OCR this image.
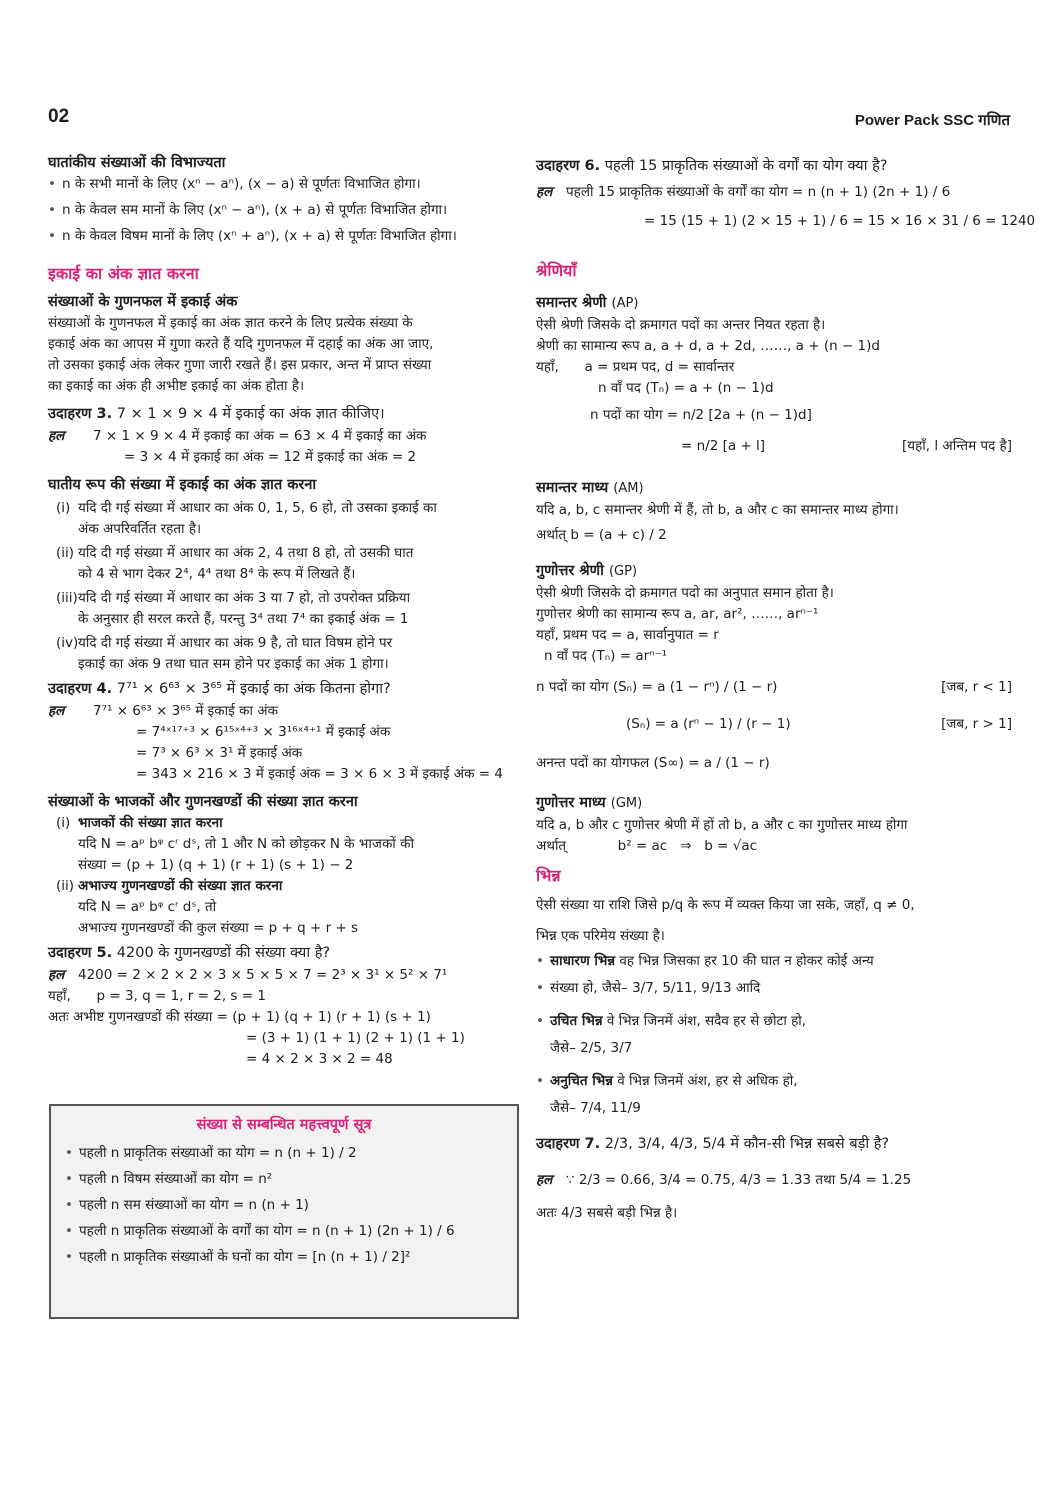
02	Power Pack SSC गणित
घातांकीय संख्याओं की विभाज्यता
• n के सभी मानों के लिए (xⁿ − aⁿ), (x − a) से पूर्णतः विभाजित होगा।
• n के केवल सम मानों के लिए (xⁿ − aⁿ), (x + a) से पूर्णतः विभाजित होगा।
• n के केवल विषम मानों के लिए (xⁿ + aⁿ), (x + a) से पूर्णतः विभाजित होगा।
इकाई का अंक ज्ञात करना
संख्याओं के गुणनफल में इकाई अंक
संख्याओं के गुणनफल में इकाई का अंक ज्ञात करने के लिए प्रत्येक संख्या के
इकाई अंक का आपस में गुणा करते हैं यदि गुणनफल में दहाई का अंक आ जाए,
तो उसका इकाई अंक लेकर गुणा जारी रखते हैं। इस प्रकार, अन्त में प्राप्त संख्या
का इकाई का अंक ही अभीष्ट इकाई का अंक होता है।
उदाहरण 3. 7 × 1 × 9 × 4 में इकाई का अंक ज्ञात कीजिए।
हल 7 × 1 × 9 × 4 में इकाई का अंक = 63 × 4 में इकाई का अंक
= 3 × 4 में इकाई का अंक = 12 में इकाई का अंक = 2
घातीय रूप की संख्या में इकाई का अंक ज्ञात करना
(i) यदि दी गई संख्या में आधार का अंक 0, 1, 5, 6 हो, तो उसका इकाई का
अंक अपरिवर्तित रहता है।
(ii) यदि दी गई संख्या में आधार का अंक 2, 4 तथा 8 हो, तो उसकी घात
को 4 से भाग देकर 2⁴, 4⁴ तथा 8⁴ के रूप में लिखते हैं।
(iii) यदि दी गई संख्या में आधार का अंक 3 या 7 हो, तो उपरोक्त प्रक्रिया
के अनुसार ही सरल करते हैं, परन्तु 3⁴ तथा 7⁴ का इकाई अंक = 1
(iv) यदि दी गई संख्या में आधार का अंक 9 है, तो घात विषम होने पर
इकाई का अंक 9 तथा घात सम होने पर इकाई का अंक 1 होगा।
उदाहरण 4. 7⁷¹ × 6⁶³ × 3⁶⁵ में इकाई का अंक कितना होगा?
हल 7⁷¹ × 6⁶³ × 3⁶⁵ में इकाई का अंक
= 7⁴ˣ¹⁷⁺³ × 6¹⁵ˣ⁴⁺³ × 3¹⁶ˣ⁴⁺¹ में इकाई अंक
= 7³ × 6³ × 3¹ में इकाई अंक
= 343 × 216 × 3 में इकाई अंक = 3 × 6 × 3 में इकाई अंक = 4
संख्याओं के भाजकों और गुणनखण्डों की संख्या ज्ञात करना
(i) भाजकों की संख्या ज्ञात करना
यदि N = aᵖ bᵠ cʳ dˢ, तो 1 और N को छोड़कर N के भाजकों की
संख्या = (p + 1) (q + 1) (r + 1) (s + 1) − 2
(ii) अभाज्य गुणनखण्डों की संख्या ज्ञात करना
यदि N = aᵖ bᵠ cʳ dˢ, तो
अभाज्य गुणनखण्डों की कुल संख्या = p + q + r + s
उदाहरण 5. 4200 के गुणनखण्डों की संख्या क्या है?
हल 4200 = 2 × 2 × 2 × 3 × 5 × 5 × 7 = 2³ × 3¹ × 5² × 7¹
यहाँ,      p = 3, q = 1, r = 2, s = 1
अतः अभीष्ट गुणनखण्डों की संख्या = (p + 1) (q + 1) (r + 1) (s + 1)
= (3 + 1) (1 + 1) (2 + 1) (1 + 1)
= 4 × 2 × 3 × 2 = 48
संख्या से सम्बन्धित महत्त्वपूर्ण सूत्र
• पहली n प्राकृतिक संख्याओं का योग = n (n + 1) / 2
• पहली n विषम संख्याओं का योग = n²
• पहली n सम संख्याओं का योग = n (n + 1)
• पहली n प्राकृतिक संख्याओं के वर्गों का योग = n (n + 1) (2n + 1) / 6
• पहली n प्राकृतिक संख्याओं के घनों का योग = [n (n + 1) / 2]²
उदाहरण 6. पहली 15 प्राकृतिक संख्याओं के वर्गों का योग क्या है?
हल पहली 15 प्राकृतिक संख्याओं के वर्गों का योग = n (n + 1) (2n + 1) / 6
= 15 (15 + 1) (2 × 15 + 1) / 6 = 15 × 16 × 31 / 6 = 1240
श्रेणियाँ
समान्तर श्रेणी (AP)
ऐसी श्रेणी जिसके दो क्रमागत पदों का अन्तर नियत रहता है।
श्रेणी का सामान्य रूप a, a + d, a + 2d, ……, a + (n − 1)d
यहाँ,      a = प्रथम पद, d = सार्वान्तर
n वाँ पद (Tₙ) = a + (n − 1)d
n पदों का योग = n/2 [2a + (n − 1)d]
= n/2 [a + l]	[यहाँ, l अन्तिम पद है]
समान्तर माध्य (AM)
यदि a, b, c समान्तर श्रेणी में हैं, तो b, a और c का समान्तर माध्य होगा।
अर्थात् b = (a + c) / 2
गुणोत्तर श्रेणी (GP)
ऐसी श्रेणी जिसके दो क्रमागत पदो का अनुपात समान होता है।
गुणोत्तर श्रेणी का सामान्य रूप a, ar, ar², ……, arⁿ⁻¹
यहाँ, प्रथम पद = a, सार्वानुपात = r
n वाँ पद (Tₙ) = arⁿ⁻¹
n पदों का योग (Sₙ) = a (1 − rⁿ) / (1 − r)	[जब, r < 1]
(Sₙ) = a (rⁿ − 1) / (r − 1)	[जब, r > 1]
अनन्त पदों का योगफल (S∞) = a / (1 − r)
गुणोत्तर माध्य (GM)
यदि a, b और c गुणोत्तर श्रेणी में हों तो b, a और c का गुणोत्तर माध्य होगा
अर्थात्            b² = ac   ⇒   b = √ac
भिन्न
ऐसी संख्या या राशि जिसे p/q के रूप में व्यक्त किया जा सके, जहाँ, q ≠ 0,
भिन्न एक परिमेय संख्या है।
• साधारण भिन्न वह भिन्न जिसका हर 10 की घात न होकर कोई अन्य
• संख्या हो, जैसे– 3/7, 5/11, 9/13 आदि
• उचित भिन्न वे भिन्न जिनमें अंश, सदैव हर से छोटा हो,
जैसे– 2/5, 3/7
• अनुचित भिन्न वे भिन्न जिनमें अंश, हर से अधिक हो,
जैसे– 7/4, 11/9
उदाहरण 7. 2/3, 3/4, 4/3, 5/4 में कौन-सी भिन्न सबसे बड़ी है?
हल ∵ 2/3 = 0.66, 3/4 = 0.75, 4/3 = 1.33 तथा 5/4 = 1.25
अतः 4/3 सबसे बड़ी भिन्न है।
